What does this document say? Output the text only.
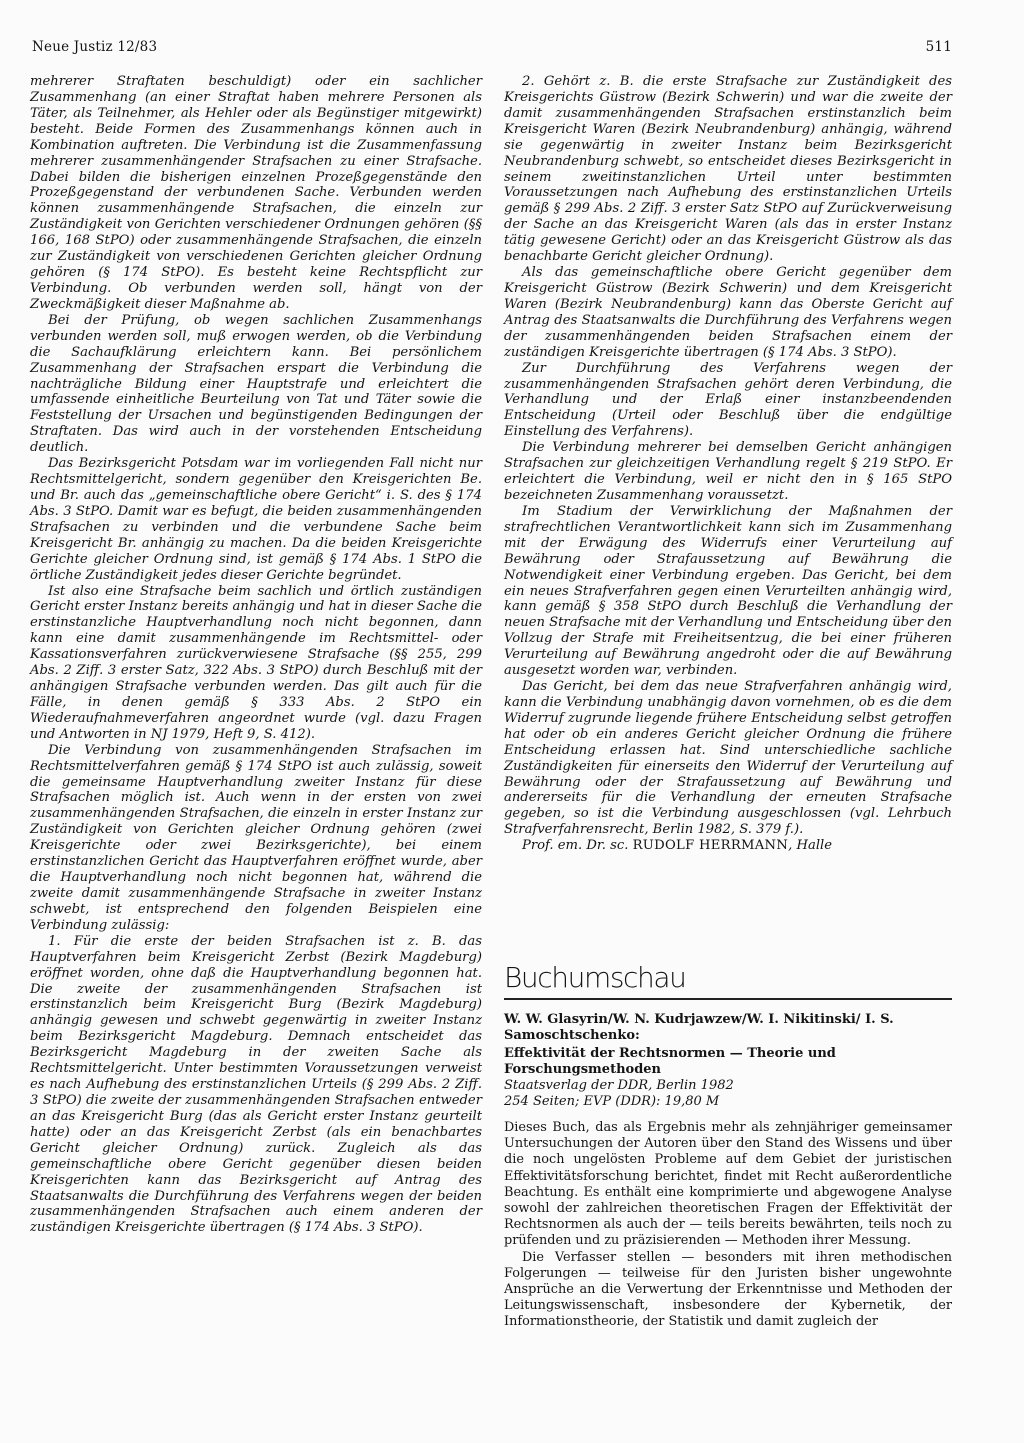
Neue Justiz 12/83	511

mehrerer Straftaten beschuldigt) oder ein sachlicher Zusammenhang (an einer Straftat haben mehrere Personen als Täter, als Teilnehmer, als Hehler oder als Begünstiger mitgewirkt) besteht. Beide Formen des Zusammenhangs können auch in Kombination auftreten. Die Verbindung ist die Zusammenfassung mehrerer zusammenhängender Strafsachen zu einer Strafsache. Dabei bilden die bisherigen einzelnen Prozeßgegenstände den Prozeßgegenstand der verbundenen Sache. Verbunden werden können zusammenhängende Strafsachen, die einzeln zur Zuständigkeit von Gerichten verschiedener Ordnungen gehören (§§ 166, 168 StPO) oder zusammenhängende Strafsachen, die einzeln zur Zuständigkeit von verschiedenen Gerichten gleicher Ordnung gehören (§ 174 StPO). Es besteht keine Rechtspflicht zur Verbindung. Ob verbunden werden soll, hängt von der Zweckmäßigkeit dieser Maßnahme ab.

Bei der Prüfung, ob wegen sachlichen Zusammenhangs verbunden werden soll, muß erwogen werden, ob die Verbindung die Sachaufklärung erleichtern kann. Bei persönlichem Zusammenhang der Strafsachen erspart die Verbindung die nachträgliche Bildung einer Hauptstrafe und erleichtert die umfassende einheitliche Beurteilung von Tat und Täter sowie die Feststellung der Ursachen und begünstigenden Bedingungen der Straftaten. Das wird auch in der vorstehenden Entscheidung deutlich.

Das Bezirksgericht Potsdam war im vorliegenden Fall nicht nur Rechtsmittelgericht, sondern gegenüber den Kreisgerichten Be. und Br. auch das „gemeinschaftliche obere Gericht“ i. S. des § 174 Abs. 3 StPO. Damit war es befugt, die beiden zusammenhängenden Strafsachen zu verbinden und die verbundene Sache beim Kreisgericht Br. anhängig zu machen. Da die beiden Kreisgerichte Gerichte gleicher Ordnung sind, ist gemäß § 174 Abs. 1 StPO die örtliche Zuständigkeit jedes dieser Gerichte begründet.

Ist also eine Strafsache beim sachlich und örtlich zuständigen Gericht erster Instanz bereits anhängig und hat in dieser Sache die erstinstanzliche Hauptverhandlung noch nicht begonnen, dann kann eine damit zusammenhängende im Rechtsmittel- oder Kassationsverfahren zurückverwiesene Strafsache (§§ 255, 299 Abs. 2 Ziff. 3 erster Satz, 322 Abs. 3 StPO) durch Beschluß mit der anhängigen Strafsache verbunden werden. Das gilt auch für die Fälle, in denen gemäß § 333 Abs. 2 StPO ein Wiederaufnahmeverfahren angeordnet wurde (vgl. dazu Fragen und Antworten in NJ 1979, Heft 9, S. 412).

Die Verbindung von zusammenhängenden Strafsachen im Rechtsmittelverfahren gemäß § 174 StPO ist auch zulässig, soweit die gemeinsame Hauptverhandlung zweiter Instanz für diese Strafsachen möglich ist. Auch wenn in der ersten von zwei zusammenhängenden Strafsachen, die einzeln in erster Instanz zur Zuständigkeit von Gerichten gleicher Ordnung gehören (zwei Kreisgerichte oder zwei Bezirksgerichte), bei einem erstinstanzlichen Gericht das Hauptverfahren eröffnet wurde, aber die Hauptverhandlung noch nicht begonnen hat, während die zweite damit zusammenhängende Strafsache in zweiter Instanz schwebt, ist entsprechend den folgenden Beispielen eine Verbindung zulässig:

1. Für die erste der beiden Strafsachen ist z. B. das Hauptverfahren beim Kreisgericht Zerbst (Bezirk Magdeburg) eröffnet worden, ohne daß die Hauptverhandlung begonnen hat. Die zweite der zusammenhängenden Strafsachen ist erstinstanzlich beim Kreisgericht Burg (Bezirk Magdeburg) anhängig gewesen und schwebt gegenwärtig in zweiter Instanz beim Bezirksgericht Magdeburg. Demnach entscheidet das Bezirksgericht Magdeburg in der zweiten Sache als Rechtsmittelgericht. Unter bestimmten Voraussetzungen verweist es nach Aufhebung des erstinstanzlichen Urteils (§ 299 Abs. 2 Ziff. 3 StPO) die zweite der zusammenhängenden Strafsachen entweder an das Kreisgericht Burg (das als Gericht erster Instanz geurteilt hatte) oder an das Kreisgericht Zerbst (als ein benachbartes Gericht gleicher Ordnung) zurück. Zugleich als das gemeinschaftliche obere Gericht gegenüber diesen beiden Kreisgerichten kann das Bezirksgericht auf Antrag des Staatsanwalts die Durchführung des Verfahrens wegen der beiden zusammenhängenden Strafsachen auch einem anderen der zuständigen Kreisgerichte übertragen (§ 174 Abs. 3 StPO).

2. Gehört z. B. die erste Strafsache zur Zuständigkeit des Kreisgerichts Güstrow (Bezirk Schwerin) und war die zweite der damit zusammenhängenden Strafsachen erstinstanzlich beim Kreisgericht Waren (Bezirk Neubrandenburg) anhängig, während sie gegenwärtig in zweiter Instanz beim Bezirksgericht Neubrandenburg schwebt, so entscheidet dieses Bezirksgericht in seinem zweitinstanzlichen Urteil unter bestimmten Voraussetzungen nach Aufhebung des erstinstanzlichen Urteils gemäß § 299 Abs. 2 Ziff. 3 erster Satz StPO auf Zurückverweisung der Sache an das Kreisgericht Waren (als das in erster Instanz tätig gewesene Gericht) oder an das Kreisgericht Güstrow als das benachbarte Gericht gleicher Ordnung).

Als das gemeinschaftliche obere Gericht gegenüber dem Kreisgericht Güstrow (Bezirk Schwerin) und dem Kreisgericht Waren (Bezirk Neubrandenburg) kann das Oberste Gericht auf Antrag des Staatsanwalts die Durchführung des Verfahrens wegen der zusammenhängenden beiden Strafsachen einem der zuständigen Kreisgerichte übertragen (§ 174 Abs. 3 StPO).

Zur Durchführung des Verfahrens wegen der zusammenhängenden Strafsachen gehört deren Verbindung, die Verhandlung und der Erlaß einer instanzbeendenden Entscheidung (Urteil oder Beschluß über die endgültige Einstellung des Verfahrens).

Die Verbindung mehrerer bei demselben Gericht anhängigen Strafsachen zur gleichzeitigen Verhandlung regelt § 219 StPO. Er erleichtert die Verbindung, weil er nicht den in § 165 StPO bezeichneten Zusammenhang voraussetzt.

Im Stadium der Verwirklichung der Maßnahmen der strafrechtlichen Verantwortlichkeit kann sich im Zusammenhang mit der Erwägung des Widerrufs einer Verurteilung auf Bewährung oder Strafaussetzung auf Bewährung die Notwendigkeit einer Verbindung ergeben. Das Gericht, bei dem ein neues Strafverfahren gegen einen Verurteilten anhängig wird, kann gemäß § 358 StPO durch Beschluß die Verhandlung der neuen Strafsache mit der Verhandlung und Entscheidung über den Vollzug der Strafe mit Freiheitsentzug, die bei einer früheren Verurteilung auf Bewährung angedroht oder die auf Bewährung ausgesetzt worden war, verbinden.

Das Gericht, bei dem das neue Strafverfahren anhängig wird, kann die Verbindung unabhängig davon vornehmen, ob es die dem Widerruf zugrunde liegende frühere Entscheidung selbst getroffen hat oder ob ein anderes Gericht gleicher Ordnung die frühere Entscheidung erlassen hat. Sind unterschiedliche sachliche Zuständigkeiten für einerseits den Widerruf der Verurteilung auf Bewährung oder der Strafaussetzung auf Bewährung und andererseits für die Verhandlung der erneuten Strafsache gegeben, so ist die Verbindung ausgeschlossen (vgl. Lehrbuch Strafverfahrensrecht, Berlin 1982, S. 379 f.).

Prof. em. Dr. sc. RUDOLF HERRMANN, Halle

Buchumschau
W. W. Glasyrin/W. N. Kudrjawzew/W. I. Nikitinski/ I. S. Samoschtschenko:
Effektivität der Rechtsnormen — Theorie und Forschungsmethoden
Staatsverlag der DDR, Berlin 1982
254 Seiten; EVP (DDR): 19,80 M

Dieses Buch, das als Ergebnis mehr als zehnjähriger gemeinsamer Untersuchungen der Autoren über den Stand des Wissens und über die noch ungelösten Probleme auf dem Gebiet der juristischen Effektivitätsforschung berichtet, findet mit Recht außerordentliche Beachtung. Es enthält eine komprimierte und abgewogene Analyse sowohl der zahlreichen theoretischen Fragen der Effektivität der Rechtsnormen als auch der — teils bereits bewährten, teils noch zu prüfenden und zu präzisierenden — Methoden ihrer Messung.

Die Verfasser stellen — besonders mit ihren methodischen Folgerungen — teilweise für den Juristen bisher ungewohnte Ansprüche an die Verwertung der Erkenntnisse und Methoden der Leitungswissenschaft, insbesondere der Kybernetik, der Informationstheorie, der Statistik und damit zugleich der
